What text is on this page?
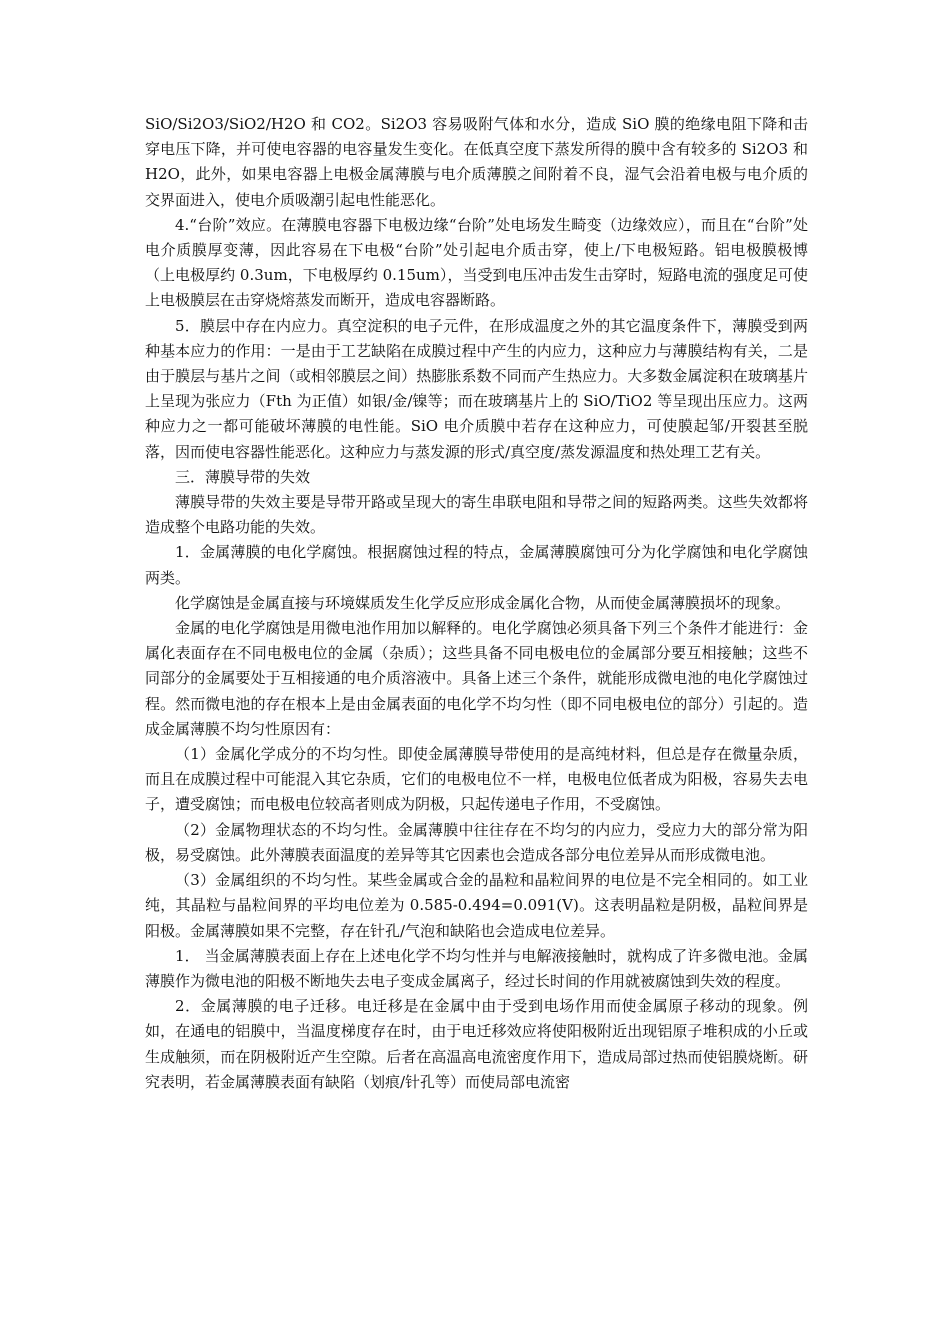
SiO/Si2O3/SiO2/H2O 和 CO2。Si2O3 容易吸附气体和水分，造成 SiO 膜的绝缘电阻下降和击穿电压下降，并可使电容器的电容量发生变化。在低真空度下蒸发所得的膜中含有较多的 Si2O3 和 H2O，此外，如果电容器上电极金属薄膜与电介质薄膜之间附着不良，湿气会沿着电极与电介质的交界面进入，使电介质吸潮引起电性能恶化。

4.“台阶”效应。在薄膜电容器下电极边缘“台阶”处电场发生畸变（边缘效应），而且在“台阶”处电介质膜厚变薄，因此容易在下电极“台阶”处引起电介质击穿，使上/下电极短路。铝电极膜极博（上电极厚约 0.3um，下电极厚约 0.15um），当受到电压冲击发生击穿时，短路电流的强度足可使上电极膜层在击穿烧熔蒸发而断开，造成电容器断路。

5．膜层中存在内应力。真空淀积的电子元件，在形成温度之外的其它温度条件下，薄膜受到两种基本应力的作用：一是由于工艺缺陷在成膜过程中产生的内应力，这种应力与薄膜结构有关，二是由于膜层与基片之间（或相邻膜层之间）热膨胀系数不同而产生热应力。大多数金属淀积在玻璃基片上呈现为张应力（Fth 为正值）如银/金/镍等；而在玻璃基片上的 SiO/TiO2 等呈现出压应力。这两种应力之一都可能破坏薄膜的电性能。SiO 电介质膜中若存在这种应力，可使膜起邹/开裂甚至脱落，因而使电容器性能恶化。这种应力与蒸发源的形式/真空度/蒸发源温度和热处理工艺有关。

三．薄膜导带的失效

薄膜导带的失效主要是导带开路或呈现大的寄生串联电阻和导带之间的短路两类。这些失效都将造成整个电路功能的失效。

1．金属薄膜的电化学腐蚀。根据腐蚀过程的特点，金属薄膜腐蚀可分为化学腐蚀和电化学腐蚀两类。

化学腐蚀是金属直接与环境媒质发生化学反应形成金属化合物，从而使金属薄膜损坏的现象。

金属的电化学腐蚀是用微电池作用加以解释的。电化学腐蚀必须具备下列三个条件才能进行：金属化表面存在不同电极电位的金属（杂质）；这些具备不同电极电位的金属部分要互相接触；这些不同部分的金属要处于互相接通的电介质溶液中。具备上述三个条件，就能形成微电池的电化学腐蚀过程。然而微电池的存在根本上是由金属表面的电化学不均匀性（即不同电极电位的部分）引起的。造成金属薄膜不均匀性原因有：

（1）金属化学成分的不均匀性。即使金属薄膜导带使用的是高纯材料，但总是存在微量杂质，而且在成膜过程中可能混入其它杂质，它们的电极电位不一样，电极电位低者成为阳极，容易失去电子，遭受腐蚀；而电极电位较高者则成为阴极，只起传递电子作用，不受腐蚀。

（2）金属物理状态的不均匀性。金属薄膜中往往存在不均匀的内应力，受应力大的部分常为阳极，易受腐蚀。此外薄膜表面温度的差异等其它因素也会造成各部分电位差异从而形成微电池。

（3）金属组织的不均匀性。某些金属或合金的晶粒和晶粒间界的电位是不完全相同的。如工业纯，其晶粒与晶粒间界的平均电位差为 0.585-0.494=0.091(V)。这表明晶粒是阴极，晶粒间界是阳极。金属薄膜如果不完整，存在针孔/气泡和缺陷也会造成电位差异。

1． 当金属薄膜表面上存在上述电化学不均匀性并与电解液接触时，就构成了许多微电池。金属薄膜作为微电池的阳极不断地失去电子变成金属离子，经过长时间的作用就被腐蚀到失效的程度。

2．金属薄膜的电子迁移。电迁移是在金属中由于受到电场作用而使金属原子移动的现象。例如，在通电的铝膜中，当温度梯度存在时，由于电迁移效应将使阳极附近出现铝原子堆积成的小丘或生成触须，而在阴极附近产生空隙。后者在高温高电流密度作用下，造成局部过热而使铝膜烧断。研究表明，若金属薄膜表面有缺陷（划痕/针孔等）而使局部电流密
